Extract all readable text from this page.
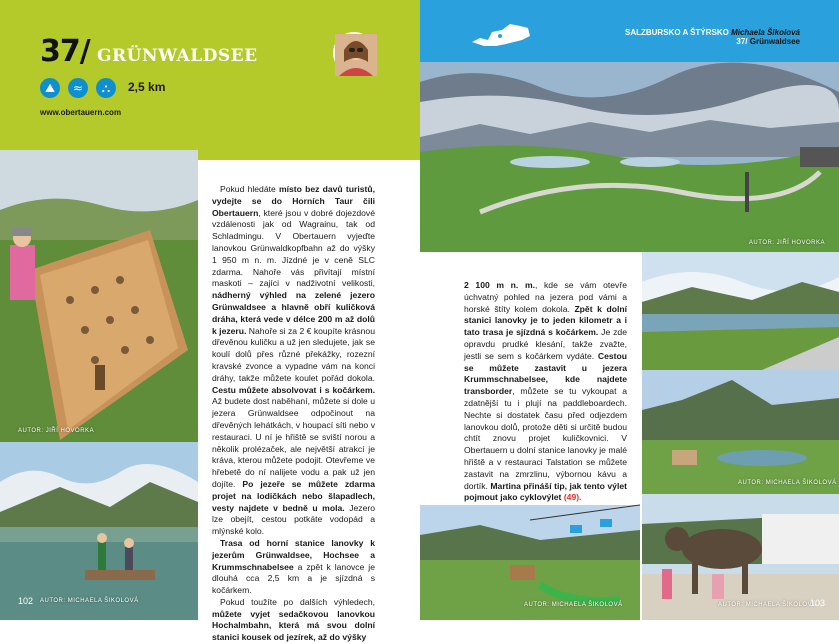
37/ GRÜNWALDSEE
⛰	≈	⛬	2,5 km
www.obertauern.com
AUTOR: JIŘÍ HOVORKA
102 AUTOR: MICHAELA ŠIKOLOVÁ

Pokud hledáte místo bez davů turistů, vydejte se do Horních Taur čili Obertauern, které jsou v dobré dojezdové vzdálenosti jak od Wagrainu, tak od Schladmingu. V Obertauern vyjeďte lanovkou Grünwaldkopfbahn až do výšky 1 950 m n. m. Jízdné je v ceně SLC zdarma. Nahoře vás přivítají místní maskoti – zajíci v nadživotní velikosti, nádherný výhled na zelené jezero Grünwaldsee a hlavně obří kuličková dráha, která vede v délce 200 m až dolů k jezeru. Nahoře si za 2 € koupíte krásnou dřevěnou kuličku a už jen sledujete, jak se koulí dolů přes různé překážky, rozezní kravské zvonce a vypadne vám na konci dráhy, takže můžete koulet pořád dokola. Cestu můžete absolvovat i s kočárkem. Až budete dost naběhaní, můžete si dole u jezera Grünwaldsee odpočinout na dřevěných lehátkách, v houpací síti nebo v restauraci. U ní je hřiště se sviští norou a několik prolézaček, ale největší atrakcí je kráva, kterou můžete podojit. Otevřeme ve hřebetě do ní nalijete vodu a pak už jen dojíte. Po jezeře se můžete zdarma projet na lodičkách nebo šlapadlech, vesty najdete v bedně u mola. Jezero lze obejít, cestou potkáte vodopád a mlýnské kolo.

Trasa od horní stanice lanovky k jezerům Grünwaldsee, Hochsee a Krummschnabelsee a zpět k lanovce je dlouhá cca 2,5 km a je sjízdná s kočárkem.

Pokud toužíte po dalších výhledech, můžete vyjet sedačkovou lanovkou Hochalmbahn, která má svou dolní stanici kousek od jezírek, až do výšky

SALZBURSKO A ŠTÝRSKO Michaela Šikolová
37/ Grünwaldsee
AUTOR: JIŘÍ HOVORKA

2 100 m n. m., kde se vám otevře úchvatný pohled na jezera pod vámi a horské štíty kolem dokola. Zpět k dolní stanici lanovky je to jeden kilometr a i tato trasa je sjízdná s kočárkem. Je zde opravdu prudké klesání, takže zvažte, jestli se sem s kočárkem vydáte. Cestou se můžete zastavit u jezera Krummschnabelsee, kde najdete transborder, můžete se tu vykoupat a zdatnější tu i plují na paddleboardech. Nechte si dostatek času před odjezdem lanovkou dolů, protože děti si určitě budou chtít znovu projet kuličkovnici. V Obertauern u dolní stanice lanovky je malé hřiště a v restauraci Talstation se můžete zastavit na zmrzlinu, výbornou kávu a dortík. Martina přináší tip, jak tento výlet pojmout jako cyklovýlet (49).

AUTOR: MICHAELA ŠIKOLOVÁ
AUTOR: MICHAELA ŠIKOLOVÁ	AUTOR: MICHAELA ŠIKOLOVÁ
103
